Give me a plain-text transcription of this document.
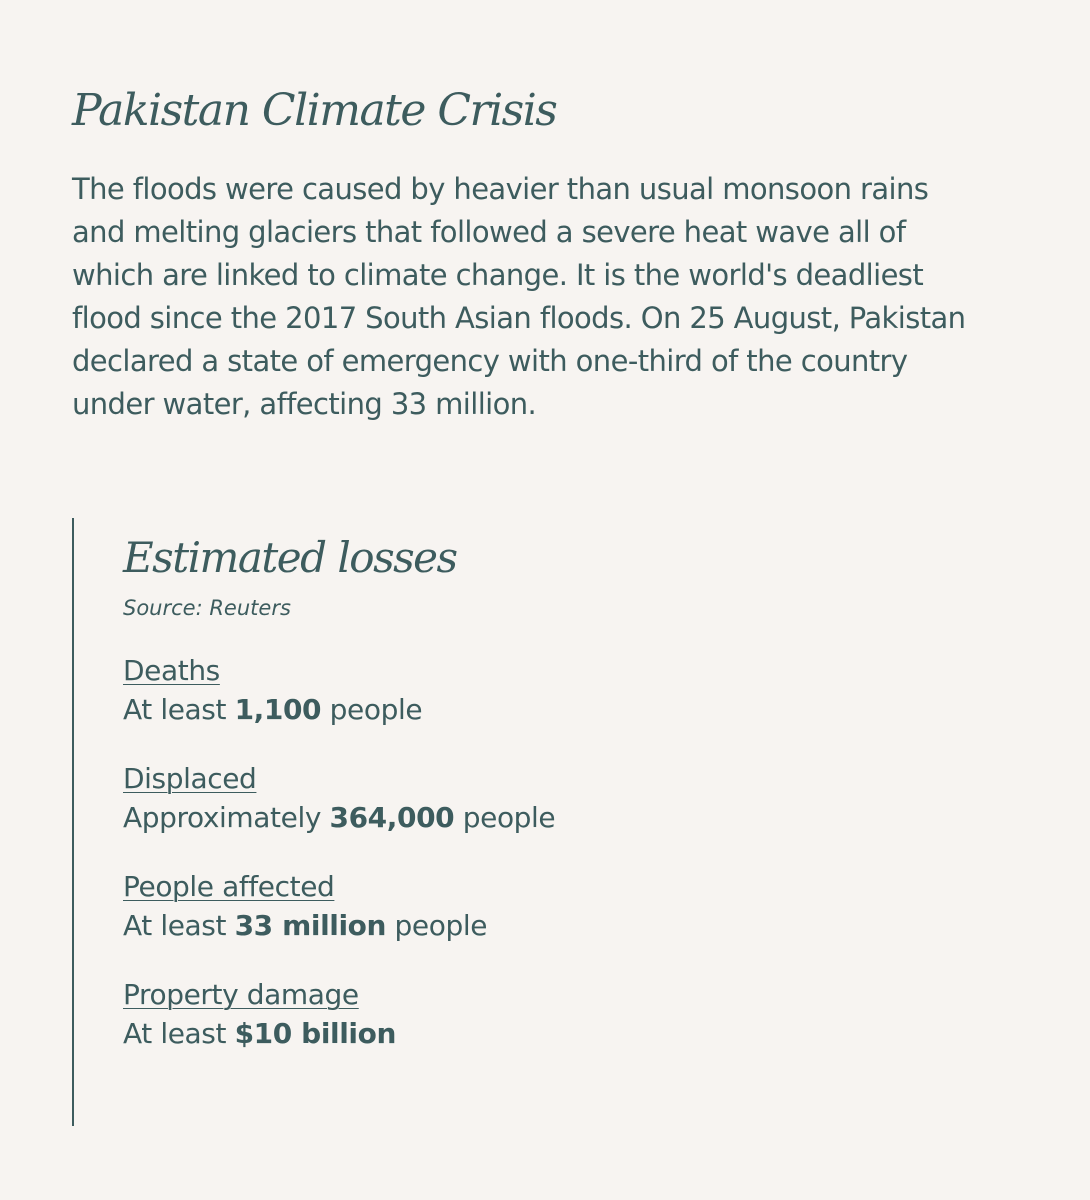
Pakistan Climate Crisis

The floods were caused by heavier than usual monsoon rains and melting glaciers that followed a severe heat wave all of which are linked to climate change. It is the world's deadliest flood since the 2017 South Asian floods. On 25 August, Pakistan declared a state of emergency with one-third of the country under water, affecting 33 million.

Estimated losses

Source: Reuters

Deaths
At least 1,100 people
Displaced
Approximately 364,000 people
People affected
At least 33 million people
Property damage
At least $10 billion
